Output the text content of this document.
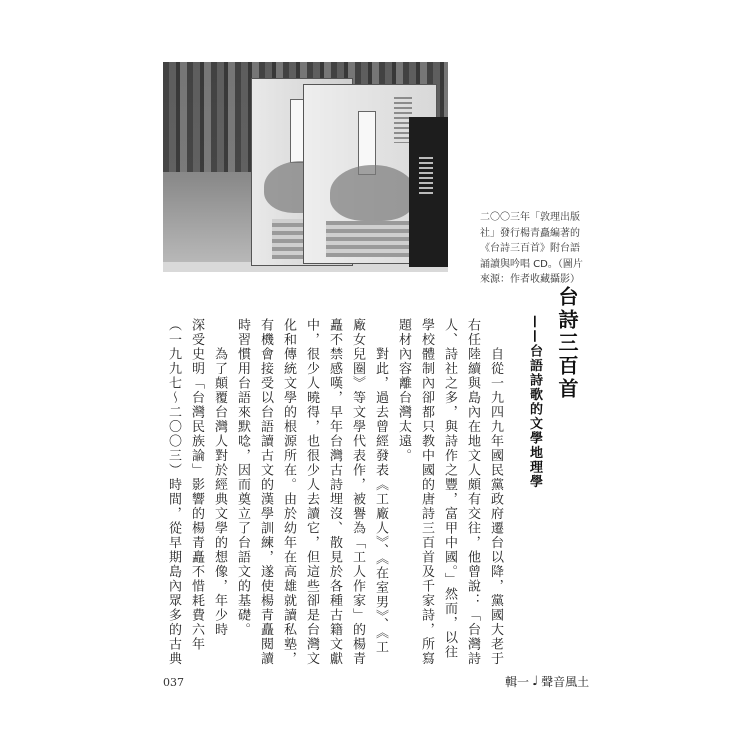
二〇〇三年「敦理出版
社」發行楊青矗編著的
《台詩三百首》附台語
誦讀與吟唱 CD。（圖片
來源：作者收藏攝影）
台詩三百首
——台語詩歌的文學地理學
　　自從一九四九年國民黨政府遷台以降，黨國大老于
右任陸續與島內在地文人頗有交往，他曾說：「台灣詩
人、詩社之多，與詩作之豐，富甲中國。」然而，以往
學校體制內卻都只教中國的唐詩三百首及千家詩，所寫
題材內容離台灣太遠。
　　對此，過去曾經發表《工廠人》、《在室男》、《工
廠女兒圈》等文學代表作，被譽為「工人作家」的楊青
矗不禁感嘆，早年台灣古詩埋沒、散見於各種古籍文獻
中，很少人曉得，也很少人去讀它，但這些卻是台灣文
化和傳統文學的根源所在。由於幼年在高雄就讀私塾，
有機會接受以台語讀古文的漢學訓練，遂使楊青矗閱讀
時習慣用台語來默唸，因而奠立了台語文的基礎。
　　為了顛覆台灣人對於經典文學的想像，年少時
深受史明「台灣民族論」影響的楊青矗不惜耗費六年
（一九九七～二〇〇三）時間，從早期島內眾多的古典
037	輯一 ♩ 聲音風土
